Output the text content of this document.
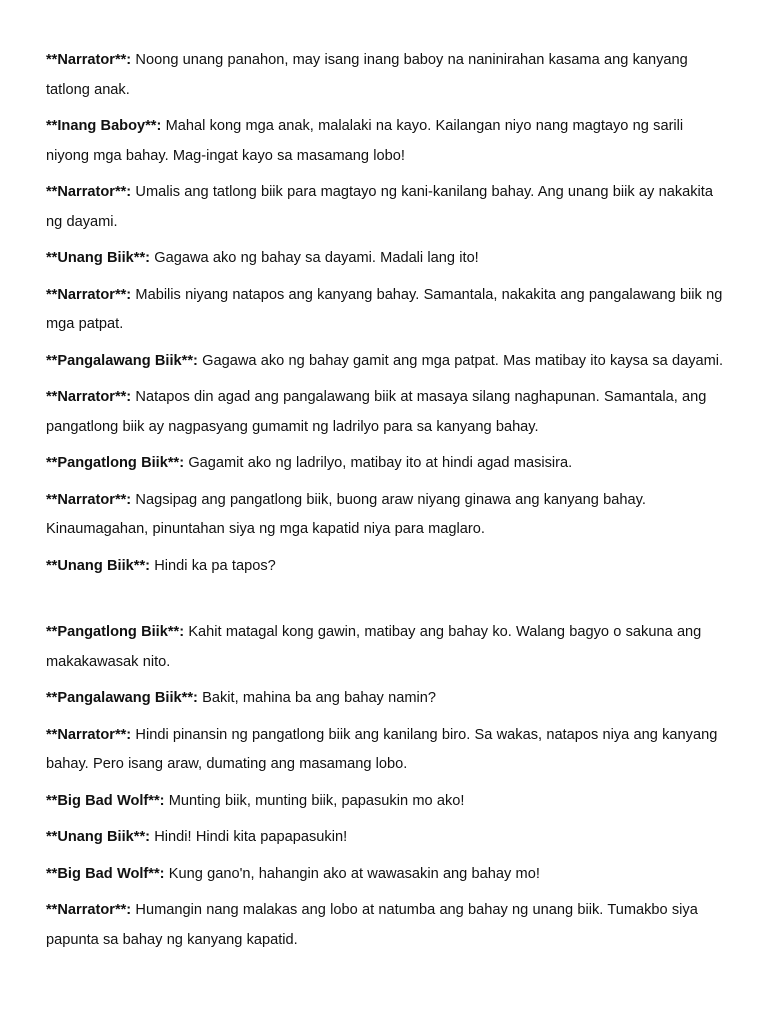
**Narrator**: Noong unang panahon, may isang inang baboy na naninirahan kasama ang kanyang tatlong anak.

**Inang Baboy**: Mahal kong mga anak, malalaki na kayo. Kailangan niyo nang magtayo ng sarili niyong mga bahay. Mag-ingat kayo sa masamang lobo!

**Narrator**: Umalis ang tatlong biik para magtayo ng kani-kanilang bahay. Ang unang biik ay nakakita ng dayami.

**Unang Biik**: Gagawa ako ng bahay sa dayami. Madali lang ito!

**Narrator**: Mabilis niyang natapos ang kanyang bahay. Samantala, nakakita ang pangalawang biik ng mga patpat.

**Pangalawang Biik**: Gagawa ako ng bahay gamit ang mga patpat. Mas matibay ito kaysa sa dayami.

**Narrator**: Natapos din agad ang pangalawang biik at masaya silang naghapunan. Samantala, ang pangatlong biik ay nagpasyang gumamit ng ladrilyo para sa kanyang bahay.

**Pangatlong Biik**: Gagamit ako ng ladrilyo, matibay ito at hindi agad masisira.

**Narrator**: Nagsipag ang pangatlong biik, buong araw niyang ginawa ang kanyang bahay. Kinaumagahan, pinuntahan siya ng mga kapatid niya para maglaro.

**Unang Biik**: Hindi ka pa tapos?

**Pangatlong Biik**: Kahit matagal kong gawin, matibay ang bahay ko. Walang bagyo o sakuna ang makakawasak nito.

**Pangalawang Biik**: Bakit, mahina ba ang bahay namin?

**Narrator**: Hindi pinansin ng pangatlong biik ang kanilang biro. Sa wakas, natapos niya ang kanyang bahay. Pero isang araw, dumating ang masamang lobo.

**Big Bad Wolf**: Munting biik, munting biik, papasukin mo ako!

**Unang Biik**: Hindi! Hindi kita papapasukin!

**Big Bad Wolf**: Kung gano'n, hahangin ako at wawasakin ang bahay mo!

**Narrator**: Humangin nang malakas ang lobo at natumba ang bahay ng unang biik. Tumakbo siya papunta sa bahay ng kanyang kapatid.
